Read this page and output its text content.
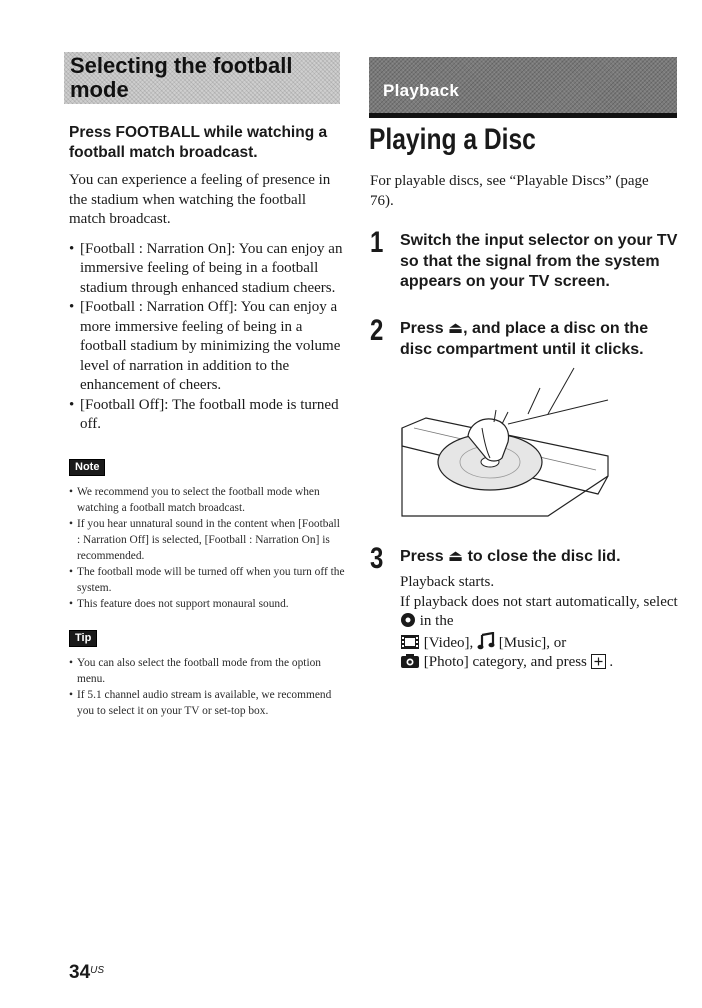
Selecting the football
mode

Press FOOTBALL while watching a football match broadcast.

You can experience a feeling of presence in the stadium when watching the football match broadcast.

• [Football : Narration On]: You can enjoy an immersive feeling of being in a football stadium through enhanced stadium cheers.
• [Football : Narration Off]: You can enjoy a more immersive feeling of being in a football stadium by minimizing the volume level of narration in addition to the enhancement of cheers.
• [Football Off]: The football mode is turned off.
Note
• We recommend you to select the football mode when watching a football match broadcast.
• If you hear unnatural sound in the content when [Football : Narration Off] is selected, [Football : Narration On] is recommended.
• The football mode will be turned off when you turn off the system.
• This feature does not support monaural sound.
Tip
• You can also select the football mode from the option menu.
• If 5.1 channel audio stream is available, we recommend you to select it on your TV or set-top box.
Playback
Playing a Disc

For playable discs, see “Playable Discs” (page 76).

1 Switch the input selector on your TV so that the signal from the system appears on your TV screen.
2 Press ⏏, and place a disc on the disc compartment until it clicks.
3 Press ⏏ to close the disc lid.
Playback starts.
If playback does not start automatically, select  in the
[Video], [Music], or
[Photo] category, and press .
$34^{US}$
